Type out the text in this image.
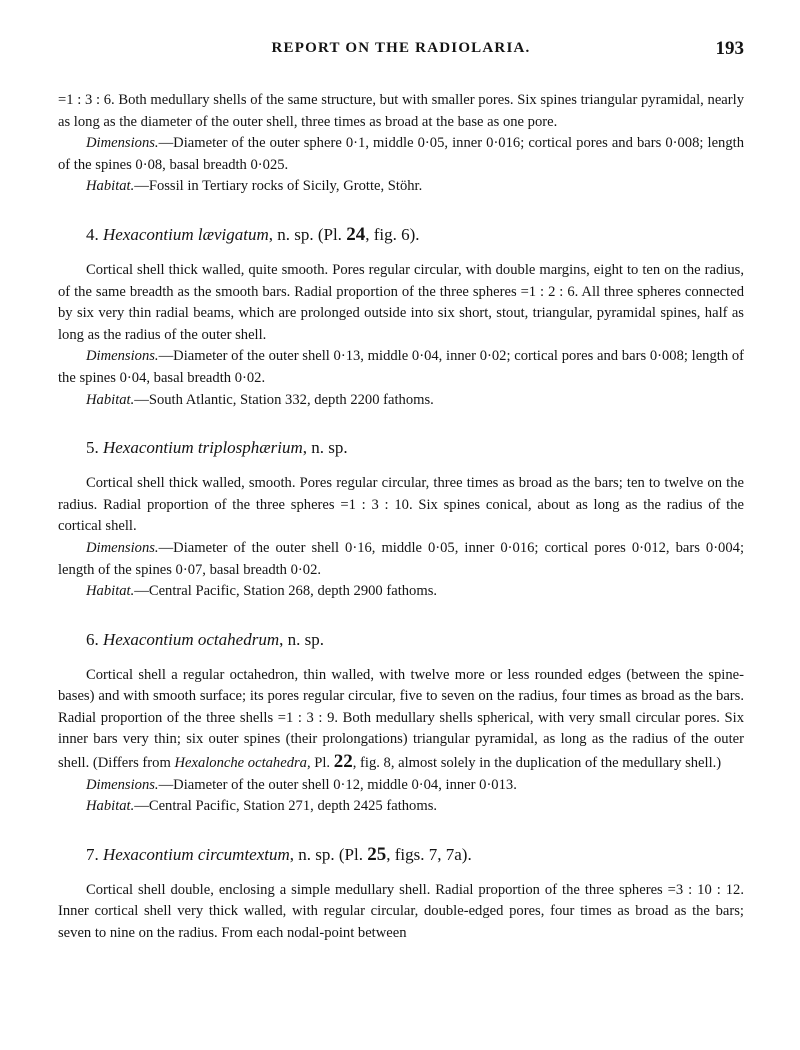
REPORT ON THE RADIOLARIA.	193

=1 : 3 : 6. Both medullary shells of the same structure, but with smaller pores. Six spines triangular pyramidal, nearly as long as the diameter of the outer shell, three times as broad at the base as one pore.

Dimensions.—Diameter of the outer sphere 0·1, middle 0·05, inner 0·016; cortical pores and bars 0·008; length of the spines 0·08, basal breadth 0·025.

Habitat.—Fossil in Tertiary rocks of Sicily, Grotte, Stöhr.

4. Hexacontium lævigatum, n. sp. (Pl. 24, fig. 6).

Cortical shell thick walled, quite smooth. Pores regular circular, with double margins, eight to ten on the radius, of the same breadth as the smooth bars. Radial proportion of the three spheres =1 : 2 : 6. All three spheres connected by six very thin radial beams, which are prolonged outside into six short, stout, triangular, pyramidal spines, half as long as the radius of the outer shell.

Dimensions.—Diameter of the outer shell 0·13, middle 0·04, inner 0·02; cortical pores and bars 0·008; length of the spines 0·04, basal breadth 0·02.

Habitat.—South Atlantic, Station 332, depth 2200 fathoms.

5. Hexacontium triplosphærium, n. sp.

Cortical shell thick walled, smooth. Pores regular circular, three times as broad as the bars; ten to twelve on the radius. Radial proportion of the three spheres =1 : 3 : 10. Six spines conical, about as long as the radius of the cortical shell.

Dimensions.—Diameter of the outer shell 0·16, middle 0·05, inner 0·016; cortical pores 0·012, bars 0·004; length of the spines 0·07, basal breadth 0·02.

Habitat.—Central Pacific, Station 268, depth 2900 fathoms.

6. Hexacontium octahedrum, n. sp.

Cortical shell a regular octahedron, thin walled, with twelve more or less rounded edges (between the spine-bases) and with smooth surface; its pores regular circular, five to seven on the radius, four times as broad as the bars. Radial proportion of the three shells =1 : 3 : 9. Both medullary shells spherical, with very small circular pores. Six inner bars very thin; six outer spines (their prolongations) triangular pyramidal, as long as the radius of the outer shell. (Differs from Hexalonche octahedra, Pl. 22, fig. 8, almost solely in the duplication of the medullary shell.)

Dimensions.—Diameter of the outer shell 0·12, middle 0·04, inner 0·013.

Habitat.—Central Pacific, Station 271, depth 2425 fathoms.

7. Hexacontium circumtextum, n. sp. (Pl. 25, figs. 7, 7a).

Cortical shell double, enclosing a simple medullary shell. Radial proportion of the three spheres =3 : 10 : 12. Inner cortical shell very thick walled, with regular circular, double-edged pores, four times as broad as the bars; seven to nine on the radius. From each nodal-point between
